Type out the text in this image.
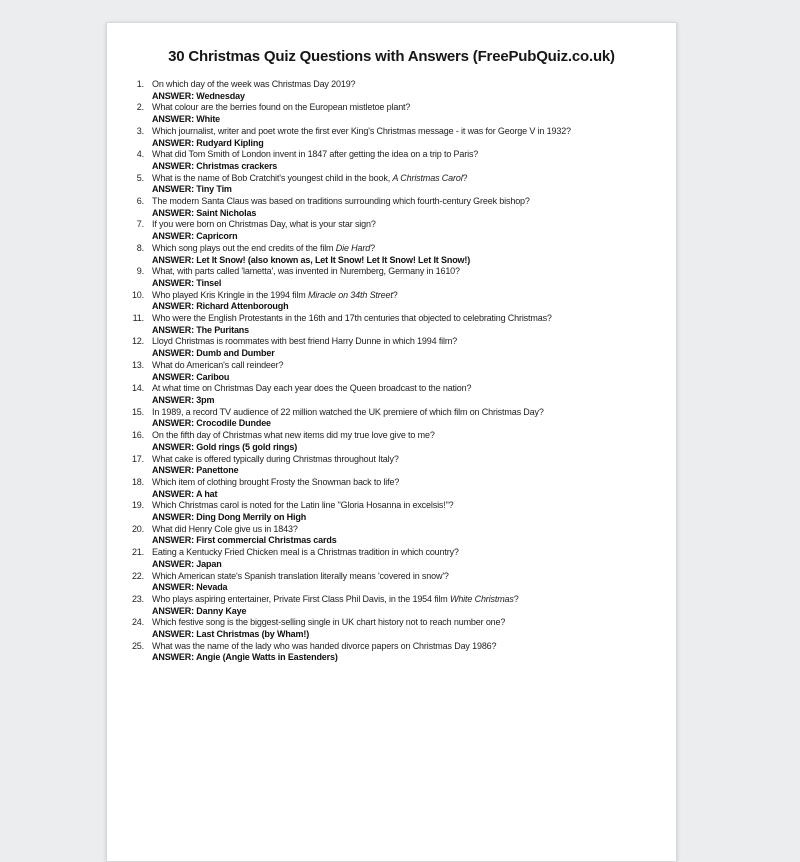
30 Christmas Quiz Questions with Answers (FreePubQuiz.co.uk)
1. On which day of the week was Christmas Day 2019?
ANSWER: Wednesday
2. What colour are the berries found on the European mistletoe plant?
ANSWER: White
3. Which journalist, writer and poet wrote the first ever King's Christmas message - it was for George V in 1932?
ANSWER: Rudyard Kipling
4. What did Tom Smith of London invent in 1847 after getting the idea on a trip to Paris?
ANSWER: Christmas crackers
5. What is the name of Bob Cratchit's youngest child in the book, A Christmas Carol?
ANSWER: Tiny Tim
6. The modern Santa Claus was based on traditions surrounding which fourth-century Greek bishop?
ANSWER: Saint Nicholas
7. If you were born on Christmas Day, what is your star sign?
ANSWER: Capricorn
8. Which song plays out the end credits of the film Die Hard?
ANSWER: Let It Snow! (also known as, Let It Snow! Let It Snow! Let It Snow!)
9. What, with parts called 'lametta', was invented in Nuremberg, Germany in 1610?
ANSWER: Tinsel
10. Who played Kris Kringle in the 1994 film Miracle on 34th Street?
ANSWER: Richard Attenborough
11. Who were the English Protestants in the 16th and 17th centuries that objected to celebrating Christmas?
ANSWER: The Puritans
12. Lloyd Christmas is roommates with best friend Harry Dunne in which 1994 film?
ANSWER: Dumb and Dumber
13. What do American's call reindeer?
ANSWER: Caribou
14. At what time on Christmas Day each year does the Queen broadcast to the nation?
ANSWER: 3pm
15. In 1989, a record TV audience of 22 million watched the UK premiere of which film on Christmas Day?
ANSWER: Crocodile Dundee
16. On the fifth day of Christmas what new items did my true love give to me?
ANSWER: Gold rings (5 gold rings)
17. What cake is offered typically during Christmas throughout Italy?
ANSWER: Panettone
18. Which item of clothing brought Frosty the Snowman back to life?
ANSWER: A hat
19. Which Christmas carol is noted for the Latin line "Gloria Hosanna in excelsis!"?
ANSWER: Ding Dong Merrily on High
20. What did Henry Cole give us in 1843?
ANSWER: First commercial Christmas cards
21. Eating a Kentucky Fried Chicken meal is a Christmas tradition in which country?
ANSWER: Japan
22. Which American state's Spanish translation literally means 'covered in snow'?
ANSWER: Nevada
23. Who plays aspiring entertainer, Private First Class Phil Davis, in the 1954 film White Christmas?
ANSWER: Danny Kaye
24. Which festive song is the biggest-selling single in UK chart history not to reach number one?
ANSWER: Last Christmas (by Wham!)
25. What was the name of the lady who was handed divorce papers on Christmas Day 1986?
ANSWER: Angie (Angie Watts in Eastenders)
